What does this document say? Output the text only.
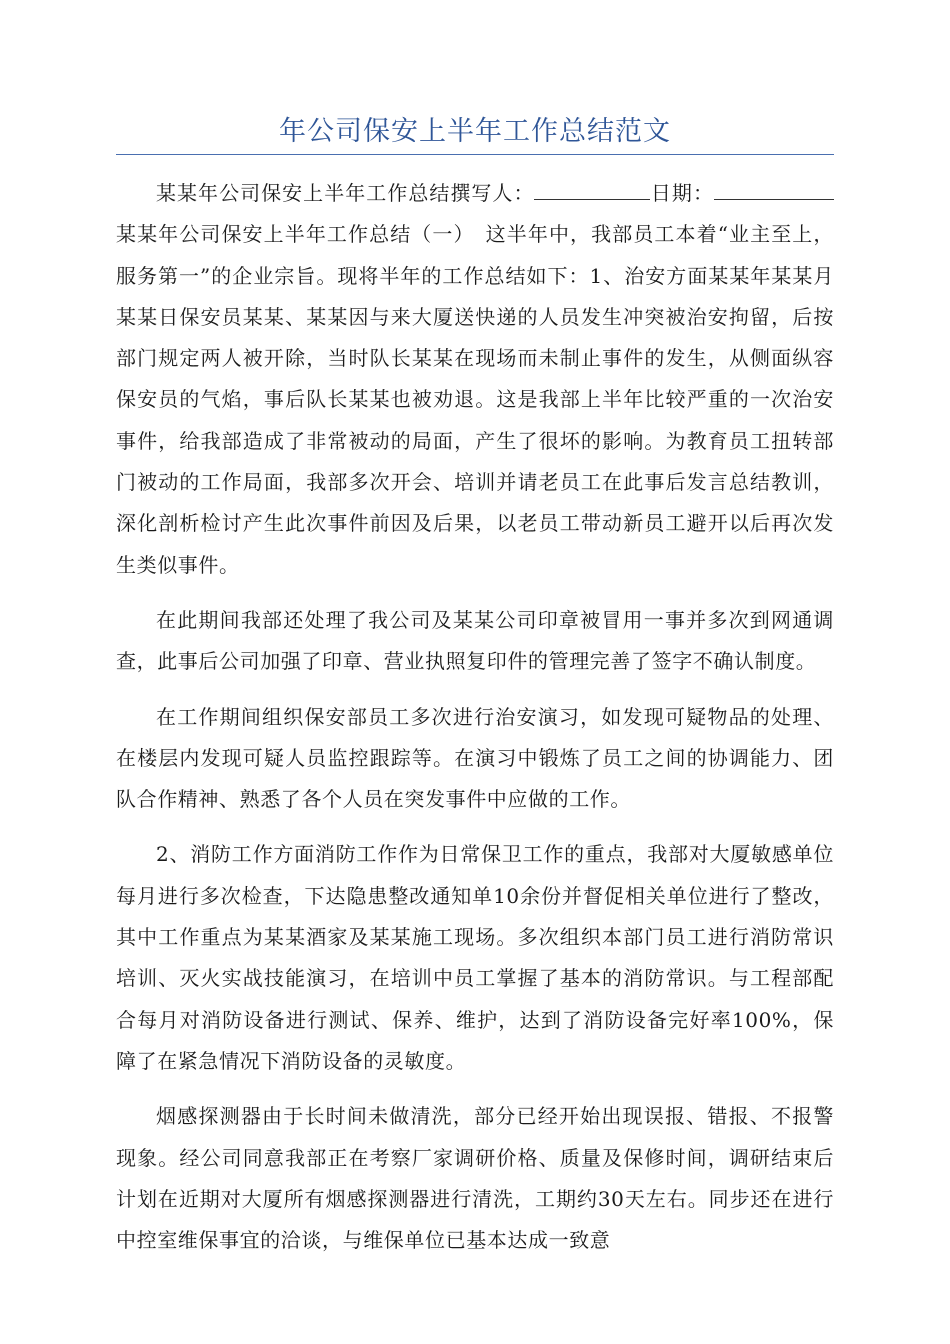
年公司保安上半年工作总结范文

某某年公司保安上半年工作总结撰写人：	日期：某某年公司保安上半年工作总结（一）　这半年中，我部员工本着“业主至上，服务第一”的企业宗旨。现将半年的工作总结如下：1、治安方面某某年某某月某某日保安员某某、某某因与来大厦送快递的人员发生冲突被治安拘留，后按部门规定两人被开除，当时队长某某在现场而未制止事件的发生，从侧面纵容保安员的气焰，事后队长某某也被劝退。这是我部上半年比较严重的一次治安事件，给我部造成了非常被动的局面，产生了很坏的影响。为教育员工扭转部门被动的工作局面，我部多次开会、培训并请老员工在此事后发言总结教训，深化剖析检讨产生此次事件前因及后果，以老员工带动新员工避开以后再次发生类似事件。

在此期间我部还处理了我公司及某某公司印章被冒用一事并多次到网通调查，此事后公司加强了印章、营业执照复印件的管理完善了签字不确认制度。

在工作期间组织保安部员工多次进行治安演习，如发现可疑物品的处理、在楼层内发现可疑人员监控跟踪等。在演习中锻炼了员工之间的协调能力、团队合作精神、熟悉了各个人员在突发事件中应做的工作。

2、消防工作方面消防工作作为日常保卫工作的重点，我部对大厦敏感单位每月进行多次检查，下达隐患整改通知单10余份并督促相关单位进行了整改，其中工作重点为某某酒家及某某施工现场。多次组织本部门员工进行消防常识培训、灭火实战技能演习，在培训中员工掌握了基本的消防常识。与工程部配合每月对消防设备进行测试、保养、维护，达到了消防设备完好率100%，保障了在紧急情况下消防设备的灵敏度。

烟感探测器由于长时间未做清洗，部分已经开始出现误报、错报、不报警现象。经公司同意我部正在考察厂家调研价格、质量及保修时间，调研结束后计划在近期对大厦所有烟感探测器进行清洗，工期约30天左右。同步还在进行中控室维保事宜的洽谈，与维保单位已基本达成一致意
